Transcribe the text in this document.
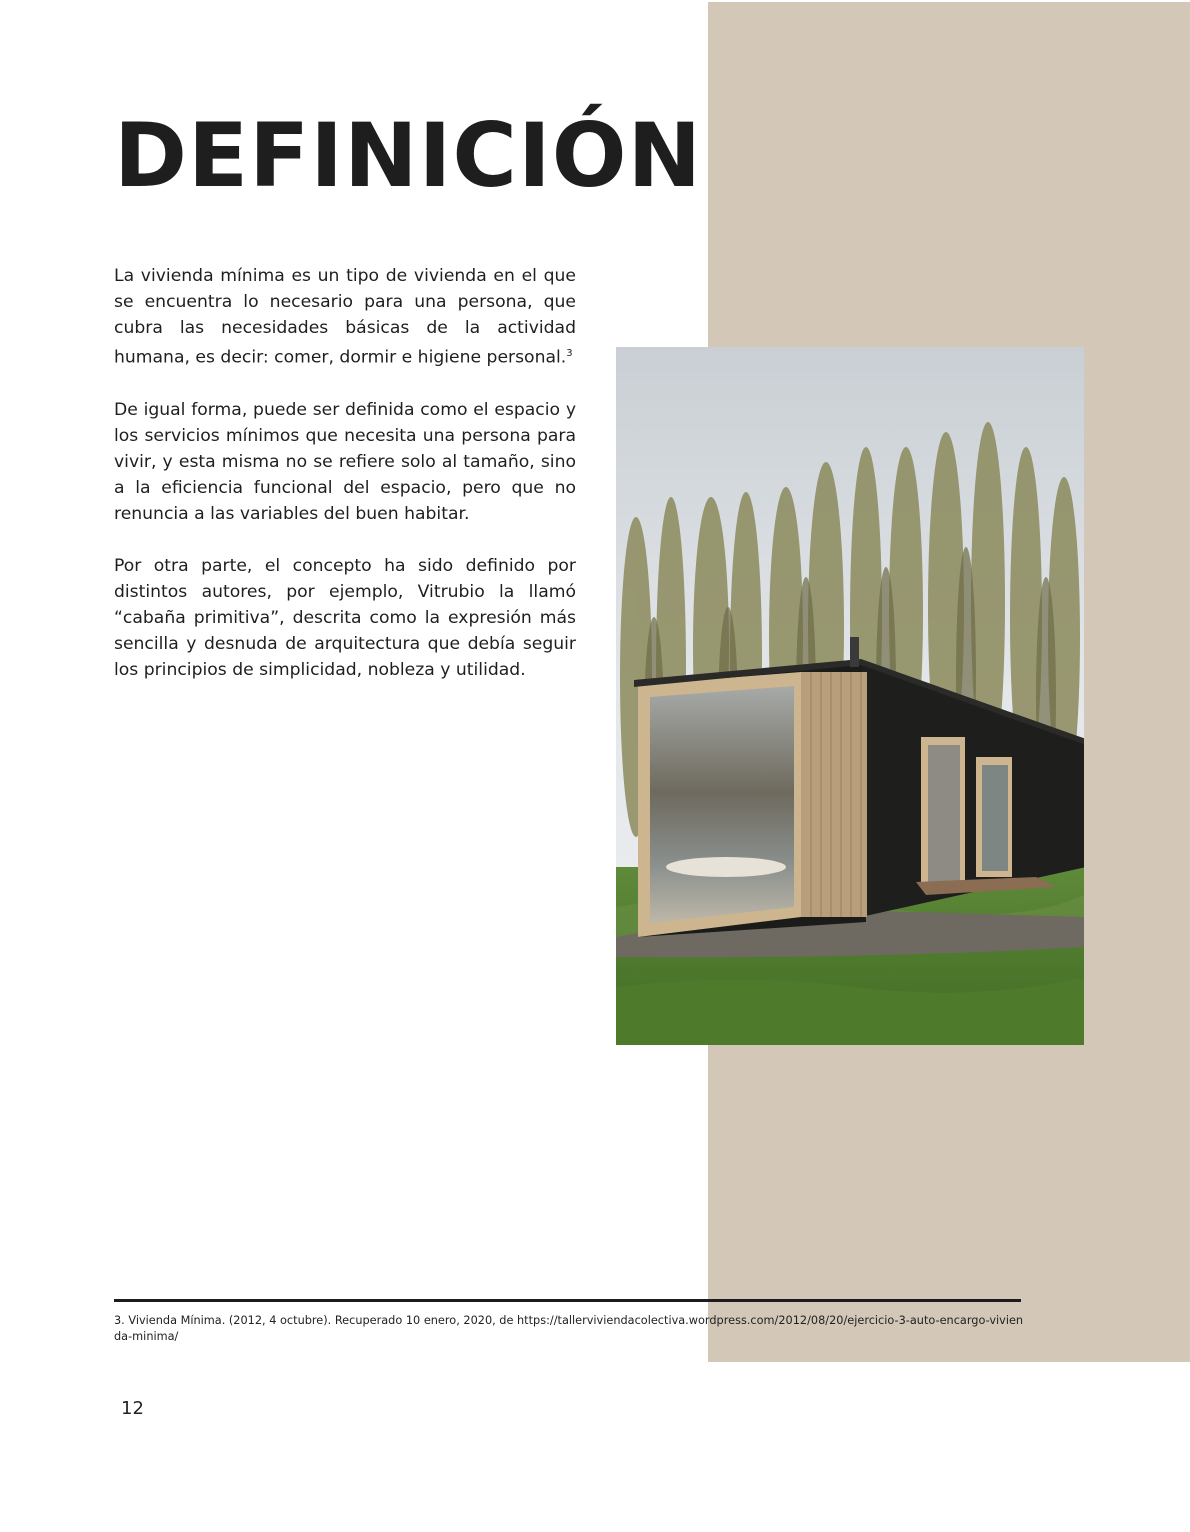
DEFINICIÓN

La vivienda mínima es un tipo de vivienda en el que se encuentra lo necesario para una persona, que cubra las necesidades básicas de la actividad humana, es decir: comer, dormir e higiene personal.$^3$

De igual forma, puede ser definida como el espacio y los servicios mínimos que necesita una persona para vivir, y esta misma no se refiere solo al tamaño, sino a la eficiencia funcional del espacio, pero que no renuncia a las variables del buen habitar.

Por otra parte, el concepto ha sido definido por distintos autores, por ejemplo, Vitrubio la llamó “cabaña primitiva”, descrita como la expresión más sencilla y desnuda de arquitectura que debía seguir los principios de simplicidad, nobleza y utilidad.

3. Vivienda Mínima. (2012, 4 octubre). Recuperado 10 enero, 2020, de https://tallerviviendacolectiva.wordpress.com/2012/08/20/ejercicio-3-auto-encargo-vivienda-minima/
12
